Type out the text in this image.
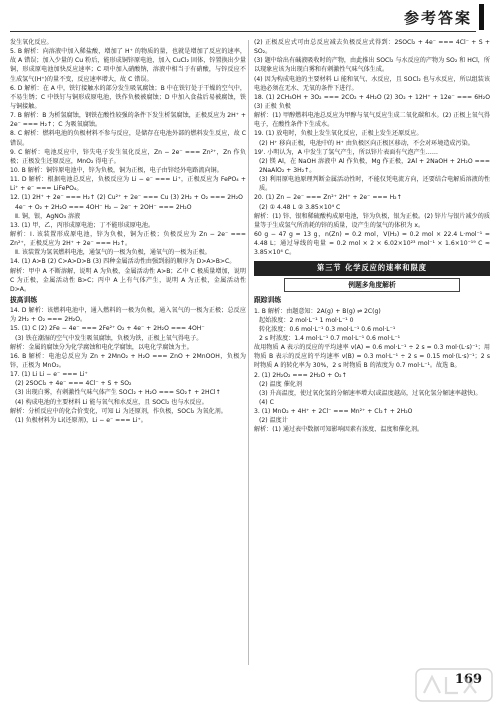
参考答案

发生氧化反应。

5. B 解析：向溶液中加入稀盐酸，增加了 H⁺ 的物质的量，也就是增加了反应的速率，故 A 错误；加入少量的 Cu 粉后，能形成铜锌原电池，加入 CuCl₂ 固体，锌置换出少量铜，形成原电池加快反应速率；C 项中加入硝酸钠，溶液中相当于有硝酸，与锌反应不生成氢气(H⁺)的量不变，反应速率增大，故 C 错误。

6. D 解析：在 A 中，铁钉接触水的部分发生吸氧腐蚀；B 中在铁钉处于干燥的空气中，不易生锈；C 中铁钉与铜形成原电池，铁作负极被腐蚀；D 中加入食盐后易被腐蚀，铁与铜接触。

7. B 解析：B 为析氢腐蚀，钢铁在酸性较强的条件下发生析氢腐蚀，正极反应为 2H⁺ + 2e⁻ === H₂↑；C 为吸氧腐蚀。

8. C 解析：燃料电池的负极材料不参与反应，是储存在电池外部的燃料发生反应，故 C 错误。

9. C 解析：电池反应中，锌失电子发生氧化反应，Zn − 2e⁻ === Zn²⁺，Zn 作负极；正极发生还原反应，MnO₂ 得电子。

10. B 解析：铜锌原电池中，锌为负极，铜为正极，电子由锌经外电路流向铜。

11. D 解析：根据电池总反应，负极反应为 Li − e⁻ === Li⁺，正极反应为 FePO₄ + Li⁺ + e⁻ === LiFePO₄。

12. (1) 2H⁺ + 2e⁻ === H₂↑ (2) Cu²⁺ + 2e⁻ === Cu (3) 2H₂ + O₂ === 2H₂O

4e⁻ + O₂ + 2H₂O === 4OH⁻ H₂ − 2e⁻ + 2OH⁻ === 2H₂O

Ⅱ. 铜，银，AgNO₃ 溶液

13. (1) 甲，乙，丙形成原电池；丁不能形成原电池。

解析：Ⅰ. 该装置形成原电池，锌为负极，铜为正极；负极反应为 Zn − 2e⁻ === Zn²⁺，正极反应为 2H⁺ + 2e⁻ === H₂↑。

Ⅱ. 该装置为氢氧燃料电池，通氢气的一极为负极，通氧气的一极为正极。

14. (1) A>B (2) C>A>D>B (3) 四种金属活动性由强到弱的顺序为 D>A>B>C。

解析：甲中 A 不断溶解，说明 A 为负极，金属活动性 A>B；乙中 C 极质量增加，说明 C 为正极，金属活动性 B>C；丙中 A 上有气体产生，说明 A 为正极，金属活动性 D>A。

拔高训练

14. D 解析：该燃料电池中，通入燃料的一极为负极，通入氧气的一极为正极；总反应为 2H₂ + O₂ === 2H₂O。

15. (1) C (2) 2Fe − 4e⁻ === 2Fe²⁺ O₂ + 4e⁻ + 2H₂O === 4OH⁻

(3) 铁在潮湿的空气中发生吸氧腐蚀，负极为铁，正极上氧气得电子。

解析：金属的腐蚀分为化学腐蚀和电化学腐蚀，以电化学腐蚀为主。

16. B 解析：电池总反应为 Zn + 2MnO₂ + H₂O === ZnO + 2MnOOH，负极为锌，正极为 MnO₂。

17. (1) Li Li − e⁻ === Li⁺

(2) 2SOCl₂ + 4e⁻ === 4Cl⁻ + S + SO₂

(3) 出现白雾，有刺激性气味气体产生 SOCl₂ + H₂O === SO₂↑ + 2HCl↑

(4) 构成电池的主要材料 Li 能与氧气和水反应，且 SOCl₂ 也与水反应。

解析：分析反应中的化合价变化，可知 Li 为还原剂，作负极，SOCl₂ 为氧化剂。

(1) 负极材料为 Li(还原剂)，Li − e⁻ === Li⁺。

(2) 正极反应式可由总反应减去负极反应式得到：2SOCl₂ + 4e⁻ === 4Cl⁻ + S + SO₂。

(3) 题中给出有碱液吸收时的产物，由此推出 SOCl₂ 与水反应的产物为 SO₂ 和 HCl，所以现象应该为出现白雾和有刺激性气味气体生成。

(4) 因为构成电池的主要材料 Li 能和氧气、水反应，且 SOCl₂ 也与水反应，所以组装该电池必须在无水、无氧的条件下进行。

18. (1) 2CH₃OH + 3O₂ === 2CO₂ + 4H₂O (2) 3O₂ + 12H⁺ + 12e⁻ === 6H₂O (3) 正极 负极

解析：(1) 甲醇燃料电池总反应为甲醇与氧气反应生成二氧化碳和水。(2) 正极上氧气得电子，在酸性条件下生成水。

19. (1) 放电时，负极上发生氧化反应，正极上发生还原反应。

(2) H⁺ 移向正极，电池中的 H⁺ 由负极区向正极区移动，不会对环境造成污染。

19'. 小明认为，A 中发生了氢气产生，所以锌片表面有气泡产生……

(2) 镁 Al，在 NaOH 溶液中 Al 作负极，Mg 作正极，2Al + 2NaOH + 2H₂O === 2NaAlO₂ + 3H₂↑。

(3) 利用原电池原理判断金属活动性时，不能仅凭电流方向，还要结合电解质溶液的性质。

20. (1) Zn − 2e⁻ === Zn²⁺ 2H⁺ + 2e⁻ === H₂↑

(2) ① 4.48 L ② 3.85×10⁴ C

解析：(1) 锌、银和稀硫酸构成原电池，锌为负极，银为正极。(2) 锌片与银片减少的质量等于生成氢气所消耗的锌的质量，设产生的氢气的体积为 x。

60 g − 47 g = 13 g，n(Zn) = 0.2 mol，V(H₂) = 0.2 mol × 22.4 L·mol⁻¹ = 4.48 L；通过导线的电量 = 0.2 mol × 2 × 6.02×10²³ mol⁻¹ × 1.6×10⁻¹⁹ C ≈ 3.85×10⁴ C。

第三节 化学反应的速率和限度
例题多角度解析
跟踪训练

1. B 解析：由题意知：2A(g) + B(g) ⇌ 2C(g)

起始浓度：2 mol·L⁻¹ 1 mol·L⁻¹ 0

转化浓度：0.6 mol·L⁻¹ 0.3 mol·L⁻¹ 0.6 mol·L⁻¹

2 s 时浓度：1.4 mol·L⁻¹ 0.7 mol·L⁻¹ 0.6 mol·L⁻¹

故用物质 A 表示的反应的平均速率 v(A) = 0.6 mol·L⁻¹ ÷ 2 s = 0.3 mol·(L·s)⁻¹；用物质 B 表示的反应的平均速率 v(B) = 0.3 mol·L⁻¹ ÷ 2 s = 0.15 mol·(L·s)⁻¹；2 s 时物质 A 的转化率为 30%，2 s 时物质 B 的浓度为 0.7 mol·L⁻¹。故选 B。

2. (1) 2H₂O₂ === 2H₂O + O₂↑

(2) 温度 催化剂

(3) 升高温度，使过氧化氢的分解速率增大(或温度越高，过氧化氢分解速率越快)。

(4) C

3. (1) MnO₂ + 4H⁺ + 2Cl⁻ === Mn²⁺ + Cl₂↑ + 2H₂O

(2) 温度计

解析：(1) 通过表中数据可知影响因素有浓度、温度和催化剂。

169
